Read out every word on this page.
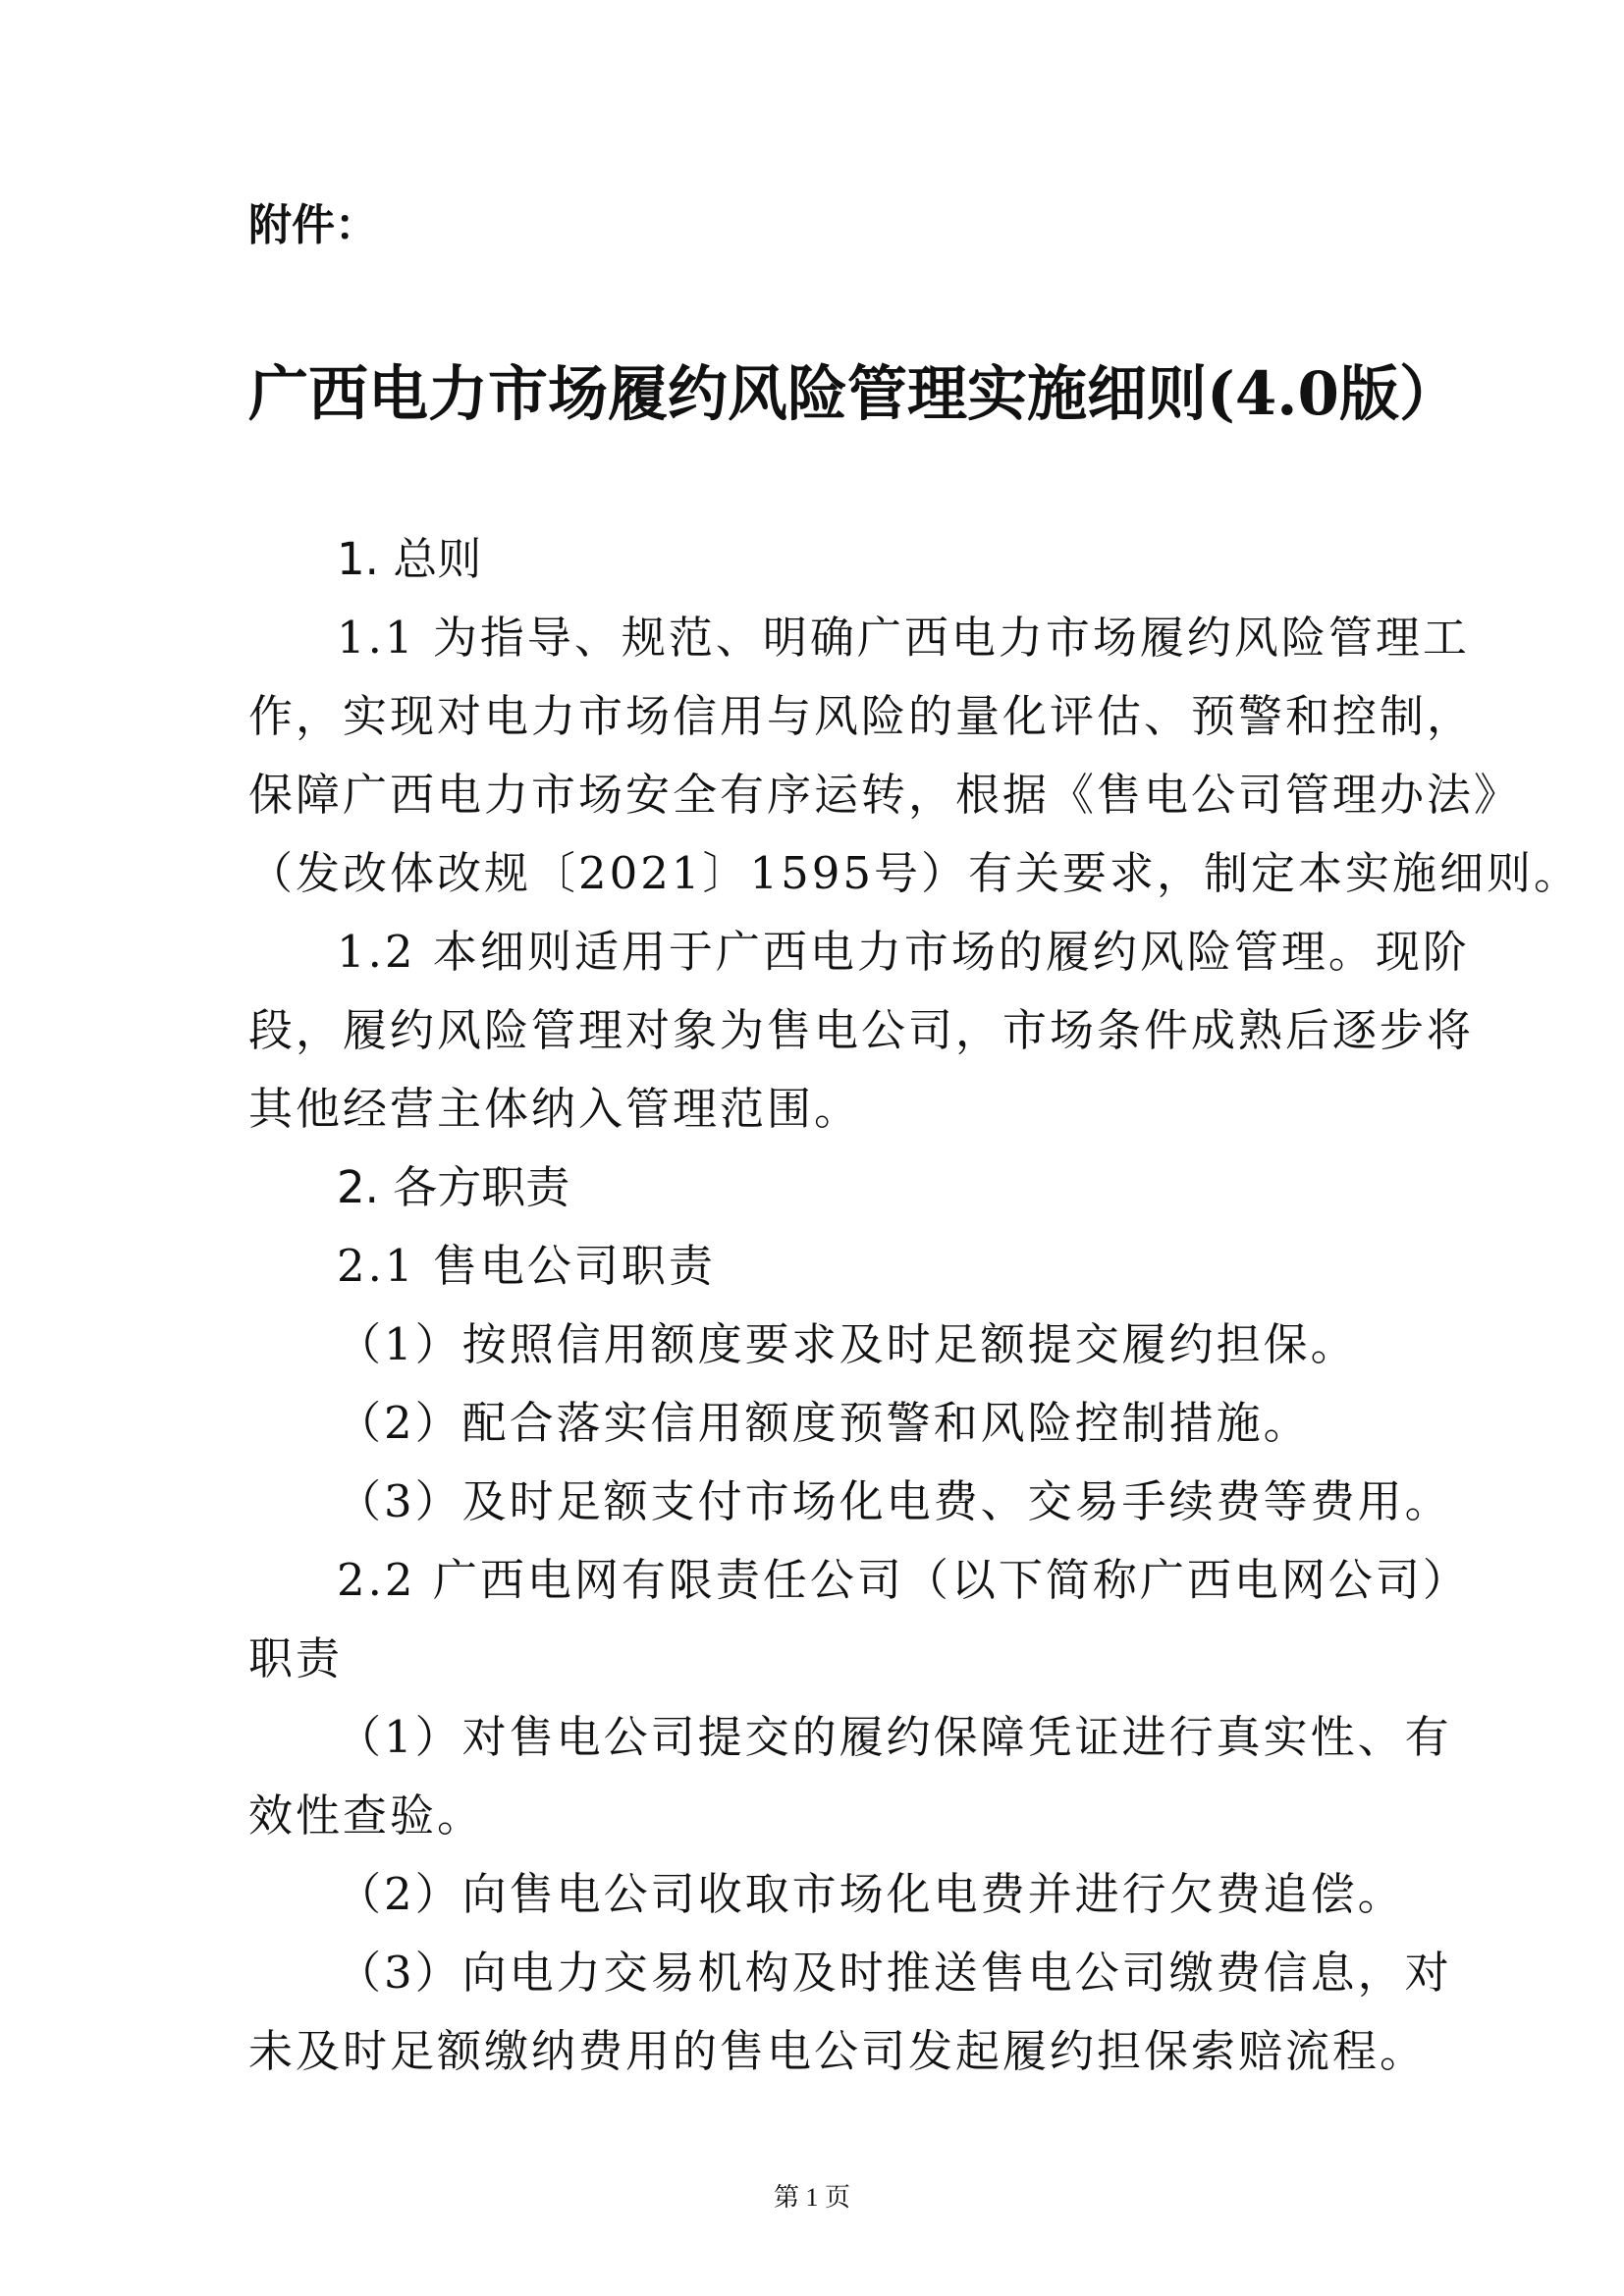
附件：
广西电力市场履约风险管理实施细则(4.0版）
1. 总则
1.1 为指导、规范、明确广西电力市场履约风险管理工
作，实现对电力市场信用与风险的量化评估、预警和控制，
保障广西电力市场安全有序运转，根据《售电公司管理办法》
（发改体改规〔2021〕1595号）有关要求，制定本实施细则。
1.2 本细则适用于广西电力市场的履约风险管理。现阶
段，履约风险管理对象为售电公司，市场条件成熟后逐步将
其他经营主体纳入管理范围。
2. 各方职责
2.1 售电公司职责
（1）按照信用额度要求及时足额提交履约担保。
（2）配合落实信用额度预警和风险控制措施。
（3）及时足额支付市场化电费、交易手续费等费用。
2.2 广西电网有限责任公司（以下简称广西电网公司）
职责
（1）对售电公司提交的履约保障凭证进行真实性、有
效性查验。
（2）向售电公司收取市场化电费并进行欠费追偿。
（3）向电力交易机构及时推送售电公司缴费信息，对
未及时足额缴纳费用的售电公司发起履约担保索赔流程。
第 1 页
